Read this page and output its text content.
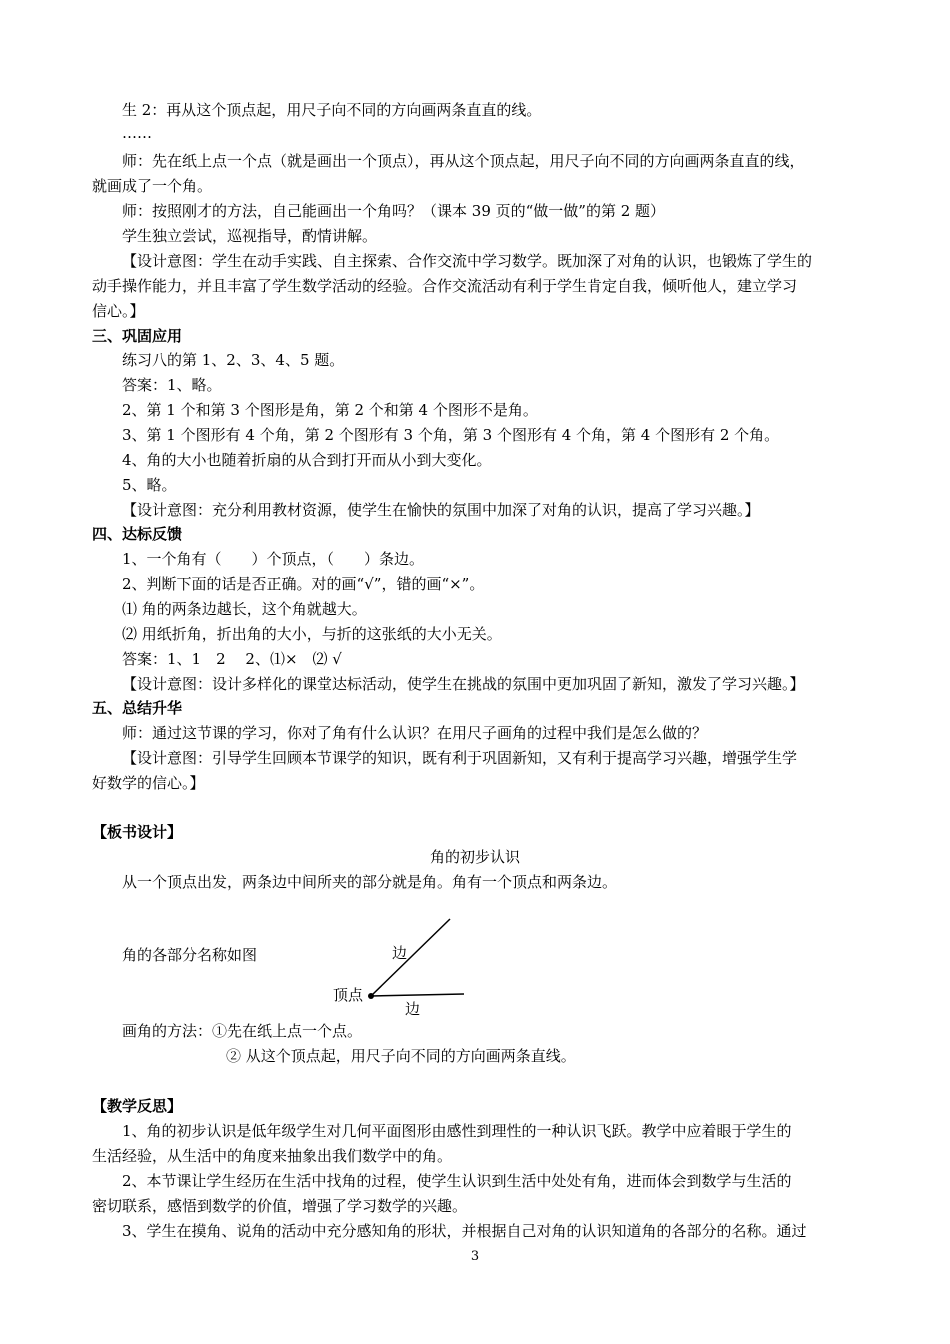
生 2：再从这个顶点起，用尺子向不同的方向画两条直直的线。
……
师：先在纸上点一个点（就是画出一个顶点），再从这个顶点起，用尺子向不同的方向画两条直直的线，
就画成了一个角。
师：按照刚才的方法，自己能画出一个角吗？（课本 39 页的“做一做”的第 2 题）
学生独立尝试，巡视指导，酌情讲解。
【设计意图：学生在动手实践、自主探索、合作交流中学习数学。既加深了对角的认识，也锻炼了学生的
动手操作能力，并且丰富了学生数学活动的经验。合作交流活动有利于学生肯定自我，倾听他人，建立学习
信心。】
三、巩固应用
练习八的第 1、2、3、4、5 题。
答案：1、略。
2、第 1 个和第 3 个图形是角，第 2 个和第 4 个图形不是角。
3、第 1 个图形有 4 个角，第 2 个图形有 3 个角，第 3 个图形有 4 个角，第 4 个图形有 2 个角。
4、角的大小也随着折扇的从合到打开而从小到大变化。
5、略。
【设计意图：充分利用教材资源，使学生在愉快的氛围中加深了对角的认识，提高了学习兴趣。】
四、达标反馈
1、一个角有（　　）个顶点，（　　）条边。
2、判断下面的话是否正确。对的画“√”，错的画“×”。
⑴ 角的两条边越长，这个角就越大。
⑵ 用纸折角，折出角的大小，与折的这张纸的大小无关。
答案：1、1　2　 2、⑴×　⑵ √
【设计意图：设计多样化的课堂达标活动，使学生在挑战的氛围中更加巩固了新知，激发了学习兴趣。】
五、总结升华
师：通过这节课的学习，你对了角有什么认识？在用尺子画角的过程中我们是怎么做的？
【设计意图：引导学生回顾本节课学的知识，既有利于巩固新知，又有利于提高学习兴趣，增强学生学
好数学的信心。】
【板书设计】
角的初步认识
从一个顶点出发，两条边中间所夹的部分就是角。角有一个顶点和两条边。
角的各部分名称如图	边
顶点
边
画角的方法：①先在纸上点一个点。
② 从这个顶点起，用尺子向不同的方向画两条直线。
【教学反思】
1、角的初步认识是低年级学生对几何平面图形由感性到理性的一种认识飞跃。教学中应着眼于学生的
生活经验，从生活中的角度来抽象出我们数学中的角。
2、本节课让学生经历在生活中找角的过程，使学生认识到生活中处处有角，进而体会到数学与生活的
密切联系，感悟到数学的价值，增强了学习数学的兴趣。
3、学生在摸角、说角的活动中充分感知角的形状，并根据自己对角的认识知道角的各部分的名称。通过
3
